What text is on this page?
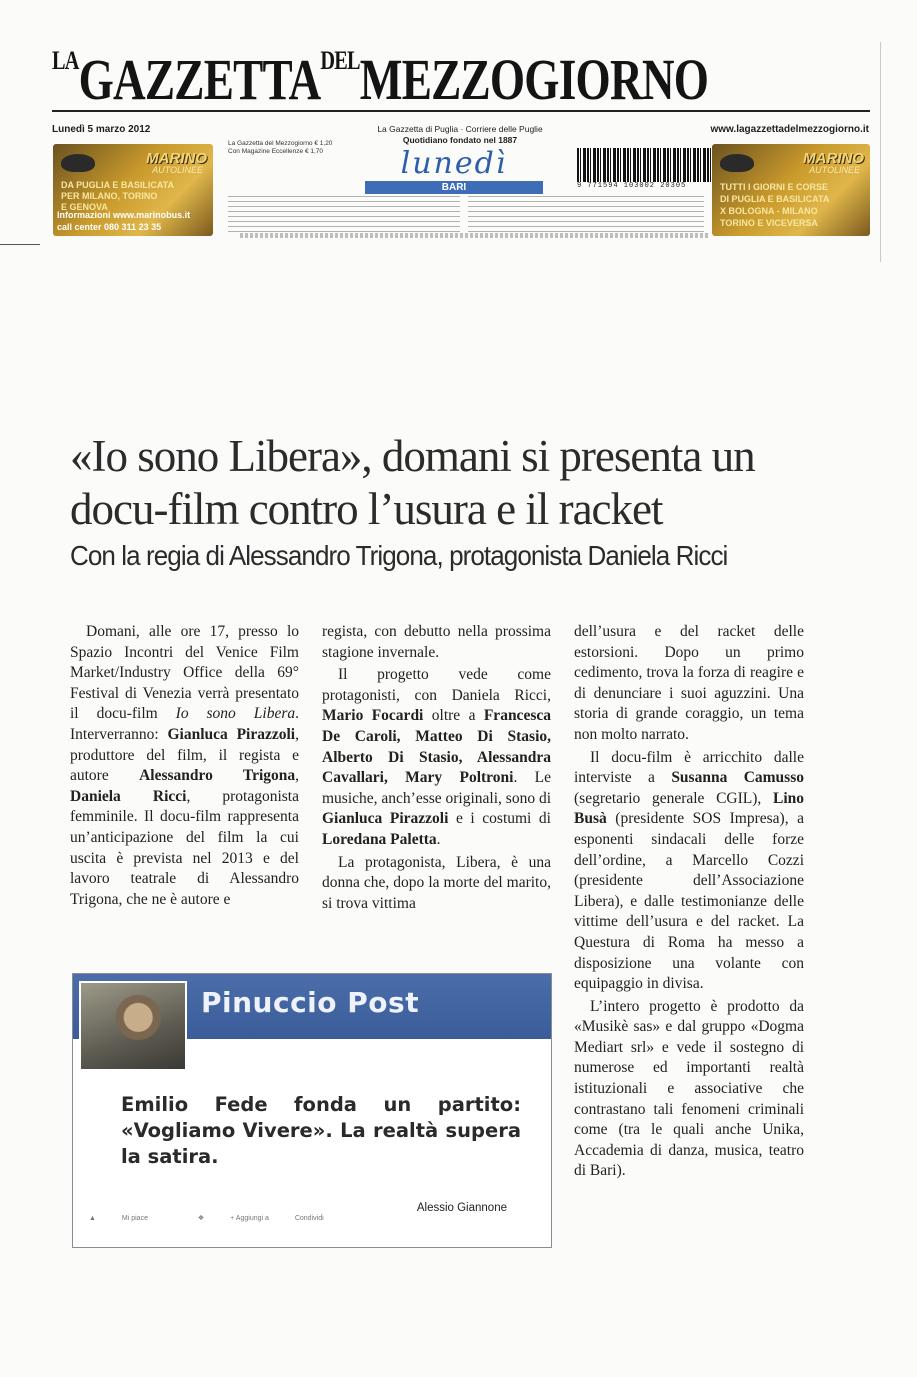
$^{LA}GAZZETTA^{DEL}MEZZOGIORNO$
Lunedì 5 marzo 2012	La Gazzetta di Puglia · Corriere delle Puglie
Quotidiano fondato nel 1887
www.lagazzettadelmezzogiorno.it
La Gazzetta del Mezzogiorno € 1,20
Con Magazine Eccellenze € 1,70	lunedì
BARI	9 771594 103002 20305
MARINO
AUTOLINEE
DA PUGLIA E BASILICATA
PER MILANO, TORINO
E GENOVA
Informazioni www.marinobus.it
call center 080 311 23 35
MARINO
AUTOLINEE
TUTTI I GIORNI E CORSE
DI PUGLIA E BASILICATA
X BOLOGNA - MILANO
TORINO E VICEVERSA
«Io sono Libera», domani si presenta un docu-film contro l’usura e il racket
Con la regia di Alessandro Trigona, protagonista Daniela Ricci

Domani, alle ore 17, presso lo Spazio Incontri del Venice Film Market/Industry Office della 69° Festival di Venezia verrà presentato il docu-film Io sono Libera. Interverranno: Gianluca Pirazzoli, produttore del film, il regista e autore Alessandro Trigona, Daniela Ricci, protagonista femminile. Il docu-film rappresenta un’anticipazione del film la cui uscita è prevista nel 2013 e del lavoro teatrale di Alessandro Trigona, che ne è autore e

regista, con debutto nella prossima stagione invernale.

Il progetto vede come protagonisti, con Daniela Ricci, Mario Focardi oltre a Francesca De Caroli, Matteo Di Stasio, Alberto Di Stasio, Alessandra Cavallari, Mary Poltroni. Le musiche, anch’esse originali, sono di Gianluca Pirazzoli e i costumi di Loredana Paletta.

La protagonista, Libera, è una donna che, dopo la morte del marito, si trova vittima

dell’usura e del racket delle estorsioni. Dopo un primo cedimento, trova la forza di reagire e di denunciare i suoi aguzzini. Una storia di grande coraggio, un tema non molto narrato.

Il docu-film è arricchito dalle interviste a Susanna Camusso (segretario generale CGIL), Lino Busà (presidente SOS Impresa), a esponenti sindacali delle forze dell’ordine, a Marcello Cozzi (presidente dell’Associazione Libera), e dalle testimonianze delle vittime dell’usura e del racket. La Questura di Roma ha messo a disposizione una volante con equipaggio in divisa.

L’intero progetto è prodotto da «Musikè sas» e dal gruppo «Dogma Mediart srl» e vede il sostegno di numerose ed importanti realtà istituzionali e associative che contrastano tali fenomeni criminali come (tra le quali anche Unika, Accademia di danza, musica, teatro di Bari).

Pinuccio Post
Emilio Fede fonda un partito: «Vogliamo Vivere». La realtà supera la satira.
Alessio Giannone
▲	Mi piace	❖	+ Aggiungi a	Condividi
